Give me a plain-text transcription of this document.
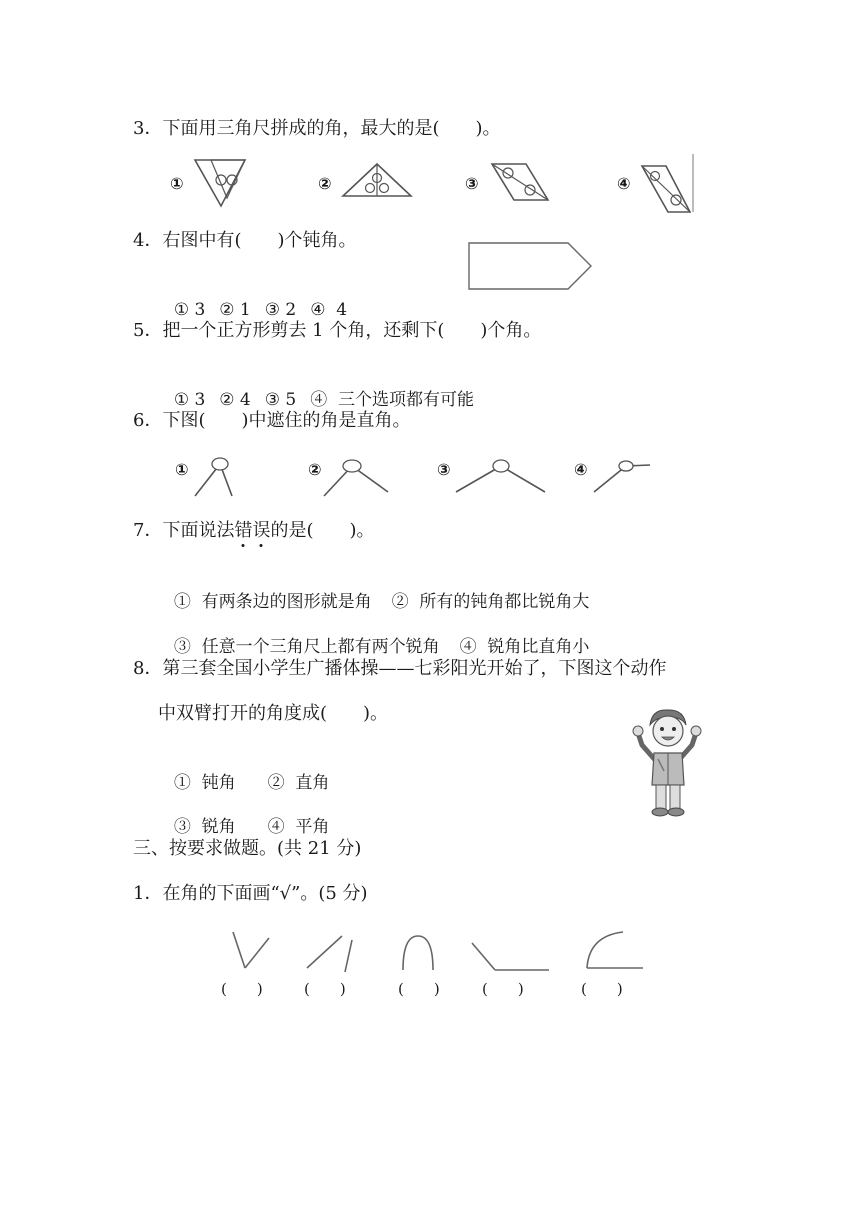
3．下面用三角尺拼成的角，最大的是(　　)。
①	②	③	④
4．右图中有(　　)个钝角。

① 3 ② 1 ③ 2 ④  4

5．把一个正方形剪去 1 个角，还剩下(　　)个角。

① 3 ② 4 ③ 5 ④  三个选项都有可能

6．下图(　　)中遮住的角是直角。
①	②	③	④
7．下面说法错误的是(　　)。

①  有两条边的图形就是角 ②  所有的钝角都比锐角大

③  任意一个三角尺上都有两个锐角 ④  锐角比直角小

8．第三套全国小学生广播体操——七彩阳光开始了，下图这个动作
中双臂打开的角度成(　　)。

①  钝角 ②  直角

③  锐角 ④  平角

三、按要求做题。(共 21 分)
1．在角的下面画“√”。(5 分)
(　　)	(　　)	(　　)	(　　)	(　　)
